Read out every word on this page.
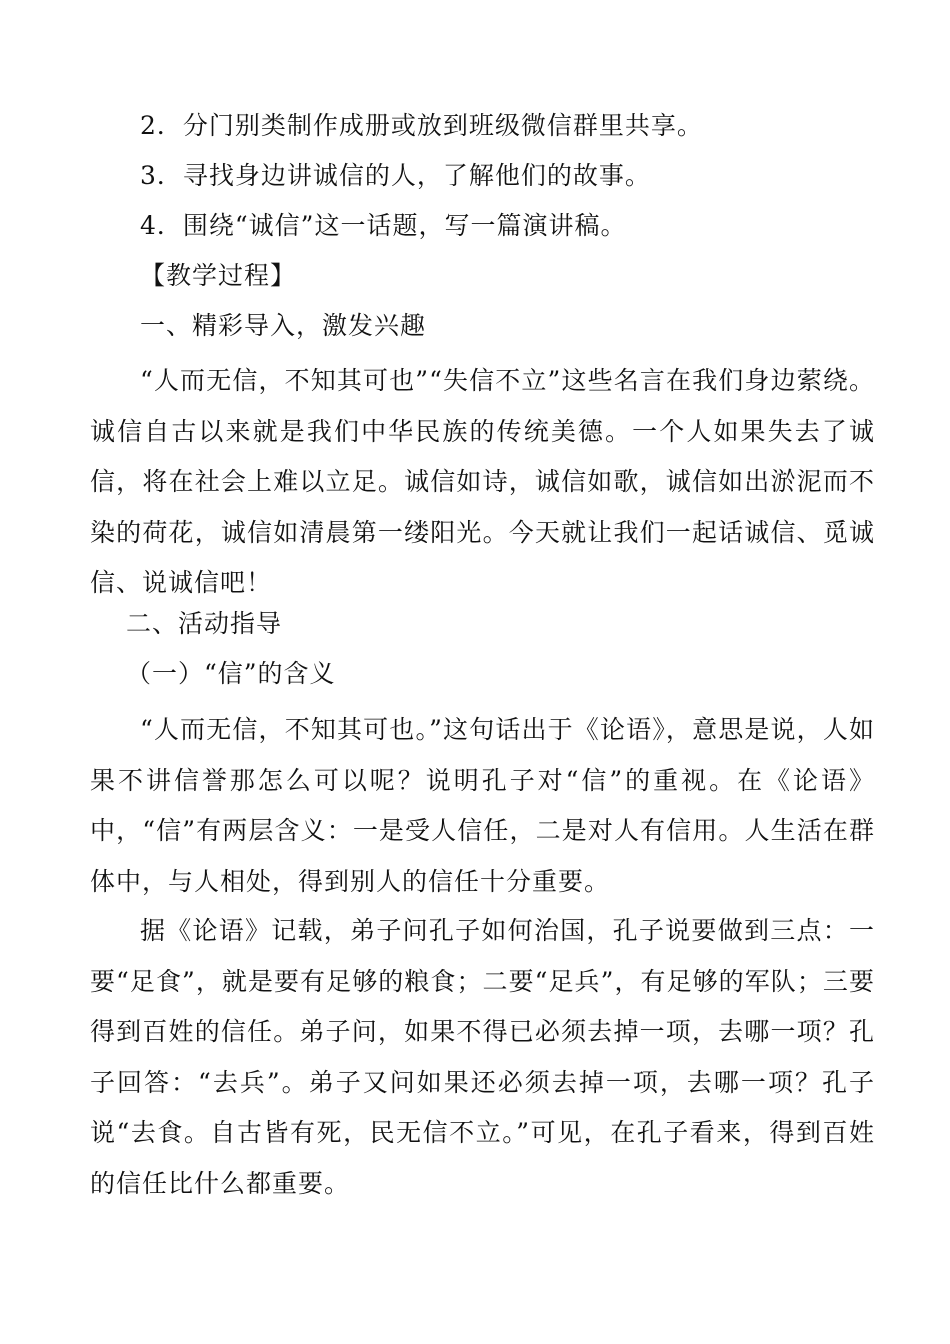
2．分门别类制作成册或放到班级微信群里共享。
3．寻找身边讲诚信的人，了解他们的故事。
4．围绕“诚信”这一话题，写一篇演讲稿。
【教学过程】
一、精彩导入，激发兴趣
“人而无信，不知其可也”“失信不立”这些名言在我们身边萦绕。诚信自古以来就是我们中华民族的传统美德。一个人如果失去了诚信，将在社会上难以立足。诚信如诗，诚信如歌，诚信如出淤泥而不染的荷花，诚信如清晨第一缕阳光。今天就让我们一起话诚信、觅诚信、说诚信吧！
二、活动指导
（一）“信”的含义
“人而无信，不知其可也。”这句话出于《论语》，意思是说，人如果不讲信誉那怎么可以呢？说明孔子对“信”的重视。在《论语》中，“信”有两层含义：一是受人信任，二是对人有信用。人生活在群体中，与人相处，得到别人的信任十分重要。
据《论语》记载，弟子问孔子如何治国，孔子说要做到三点：一要“足食”，就是要有足够的粮食；二要“足兵”，有足够的军队；三要得到百姓的信任。弟子问，如果不得已必须去掉一项，去哪一项？孔子回答：“去兵”。弟子又问如果还必须去掉一项，去哪一项？孔子说“去食。自古皆有死，民无信不立。”可见，在孔子看来，得到百姓的信任比什么都重要。
